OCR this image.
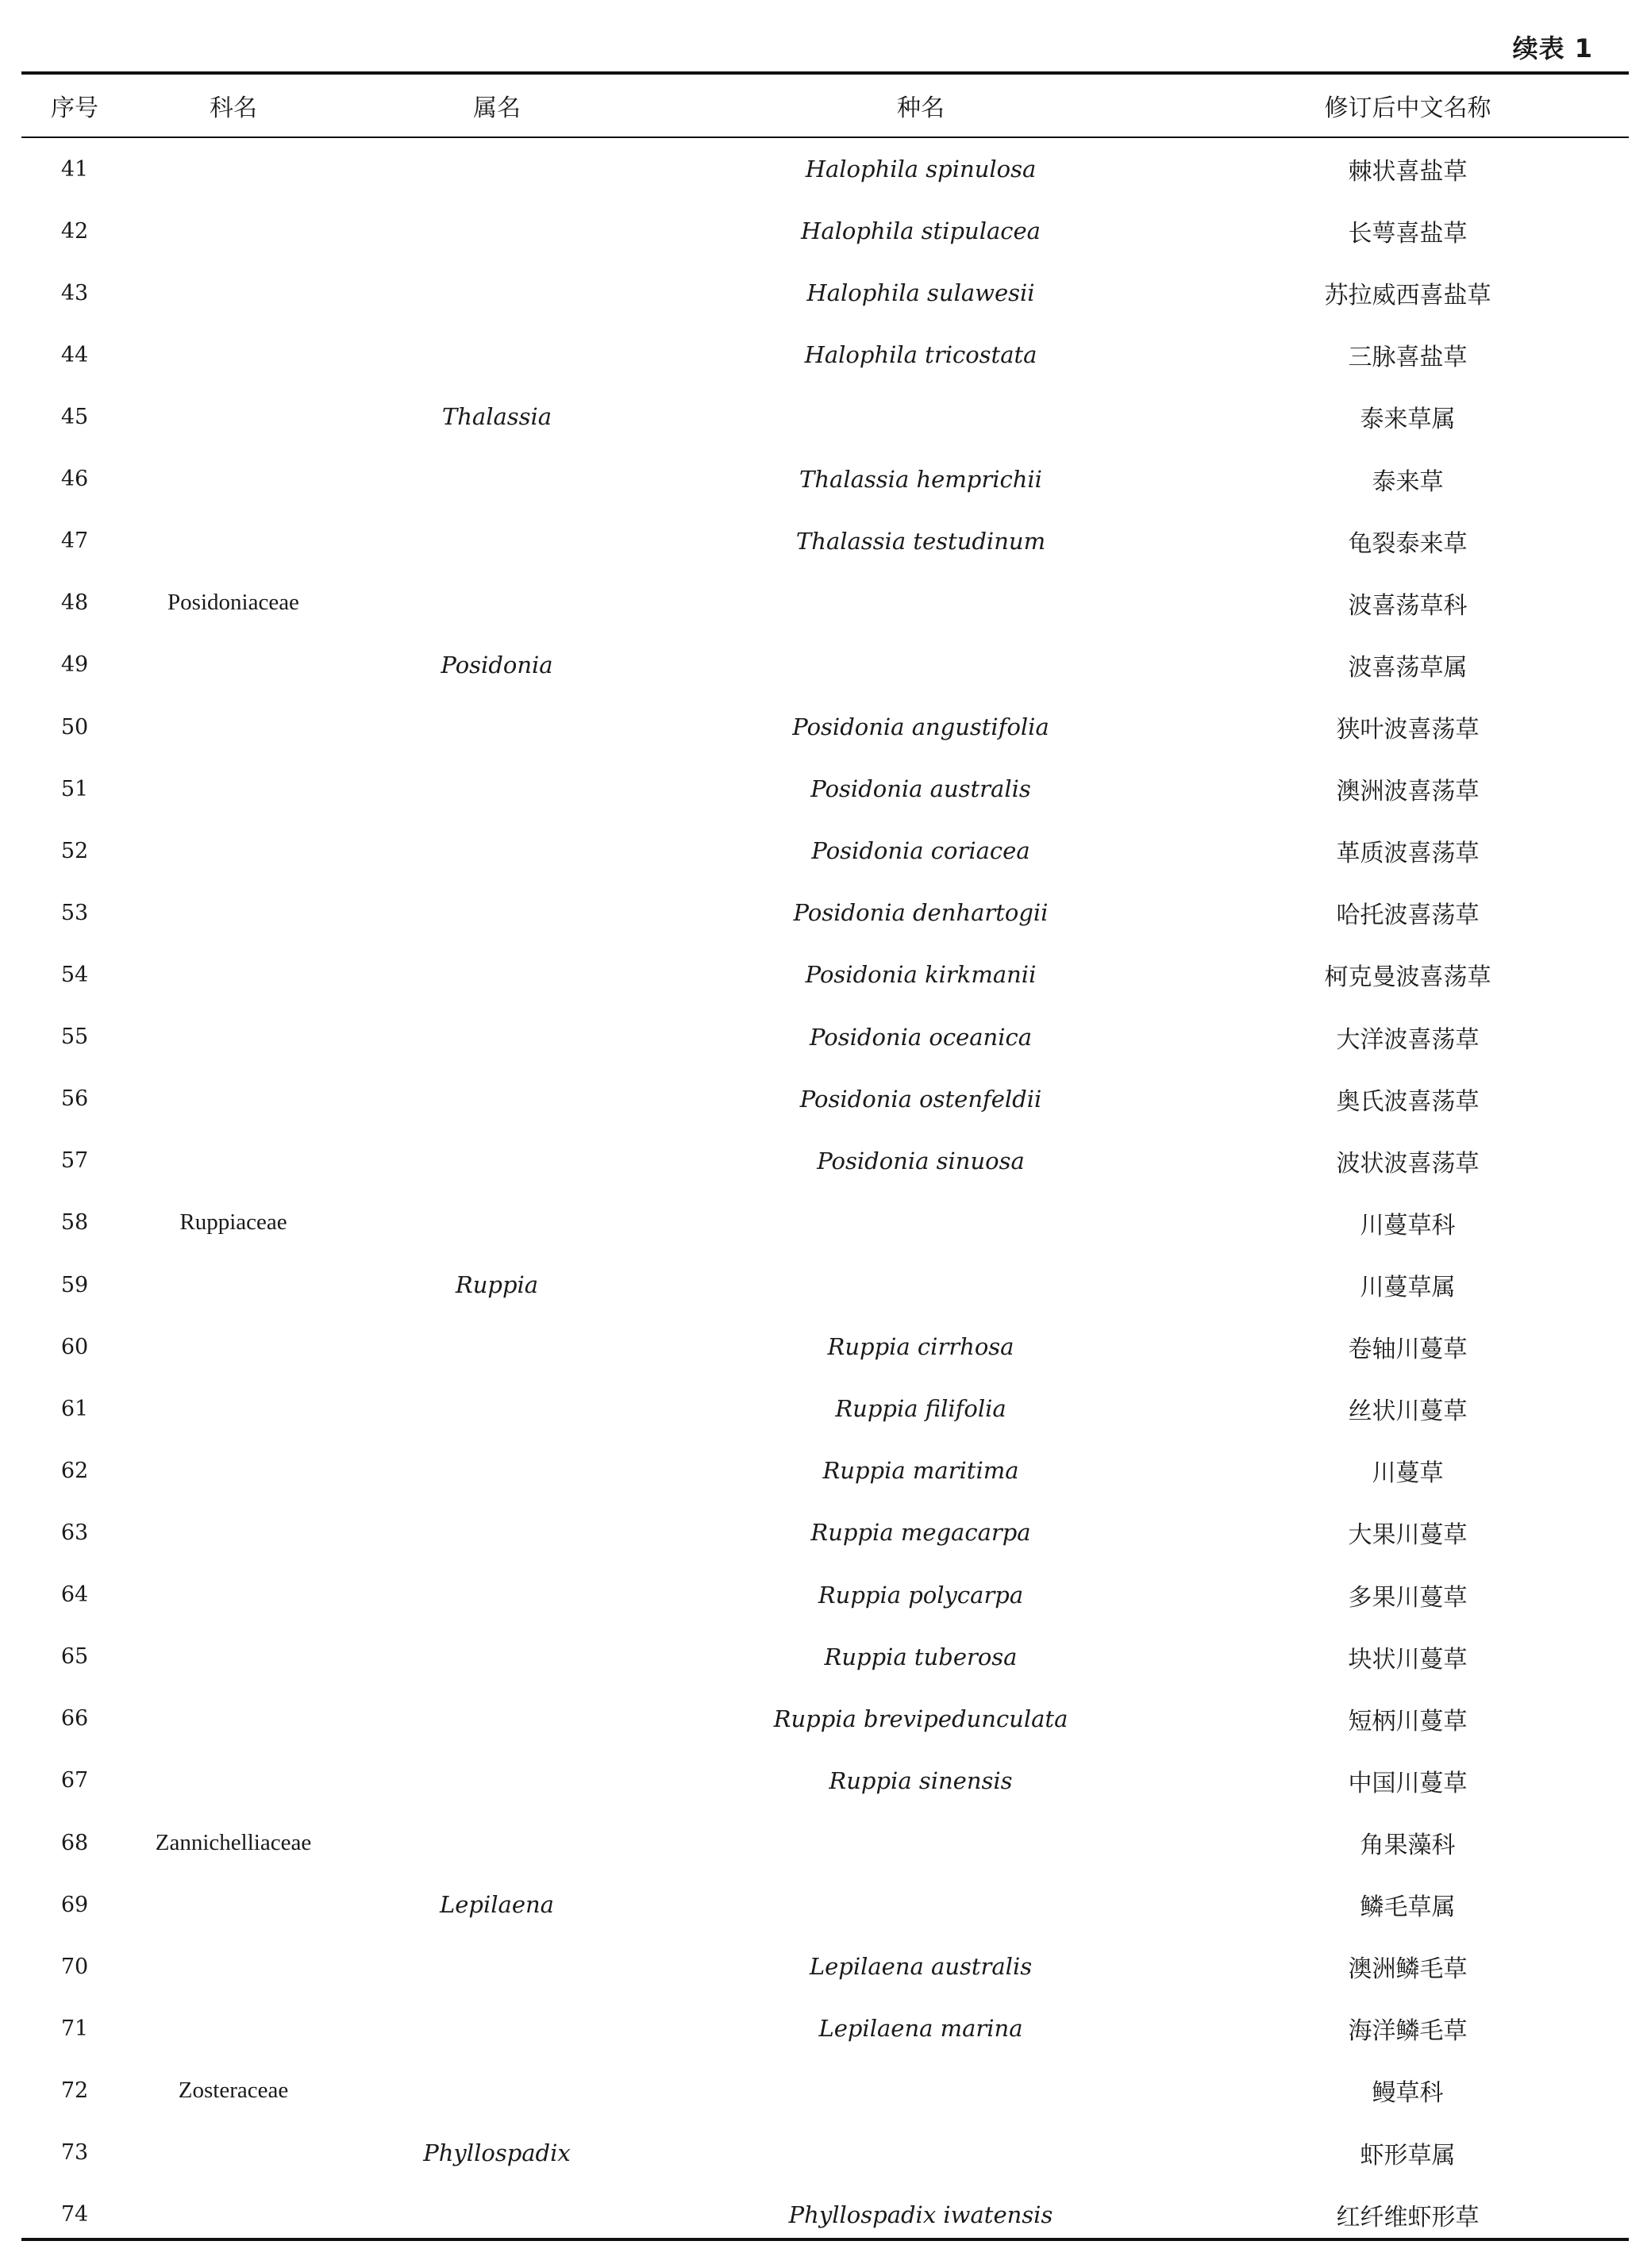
续表 1
序号	科名	属名	种名	修订后中文名称

41			Halophila spinulosa	棘状喜盐草
42			Halophila stipulacea	长萼喜盐草
43			Halophila sulawesii	苏拉威西喜盐草
44			Halophila tricostata	三脉喜盐草
45		Thalassia		泰来草属
46			Thalassia hemprichii	泰来草
47			Thalassia testudinum	龟裂泰来草
48	Posidoniaceae			波喜荡草科
49		Posidonia		波喜荡草属
50			Posidonia angustifolia	狭叶波喜荡草
51			Posidonia australis	澳洲波喜荡草
52			Posidonia coriacea	革质波喜荡草
53			Posidonia denhartogii	哈托波喜荡草
54			Posidonia kirkmanii	柯克曼波喜荡草
55			Posidonia oceanica	大洋波喜荡草
56			Posidonia ostenfeldii	奥氏波喜荡草
57			Posidonia sinuosa	波状波喜荡草
58	Ruppiaceae			川蔓草科
59		Ruppia		川蔓草属
60			Ruppia cirrhosa	卷轴川蔓草
61			Ruppia filifolia	丝状川蔓草
62			Ruppia maritima	川蔓草
63			Ruppia megacarpa	大果川蔓草
64			Ruppia polycarpa	多果川蔓草
65			Ruppia tuberosa	块状川蔓草
66			Ruppia brevipedunculata	短柄川蔓草
67			Ruppia sinensis	中国川蔓草
68	Zannichelliaceae			角果藻科
69		Lepilaena		鳞毛草属
70			Lepilaena australis	澳洲鳞毛草
71			Lepilaena marina	海洋鳞毛草
72	Zosteraceae			鳗草科
73		Phyllospadix		虾形草属
74			Phyllospadix iwatensis	红纤维虾形草
